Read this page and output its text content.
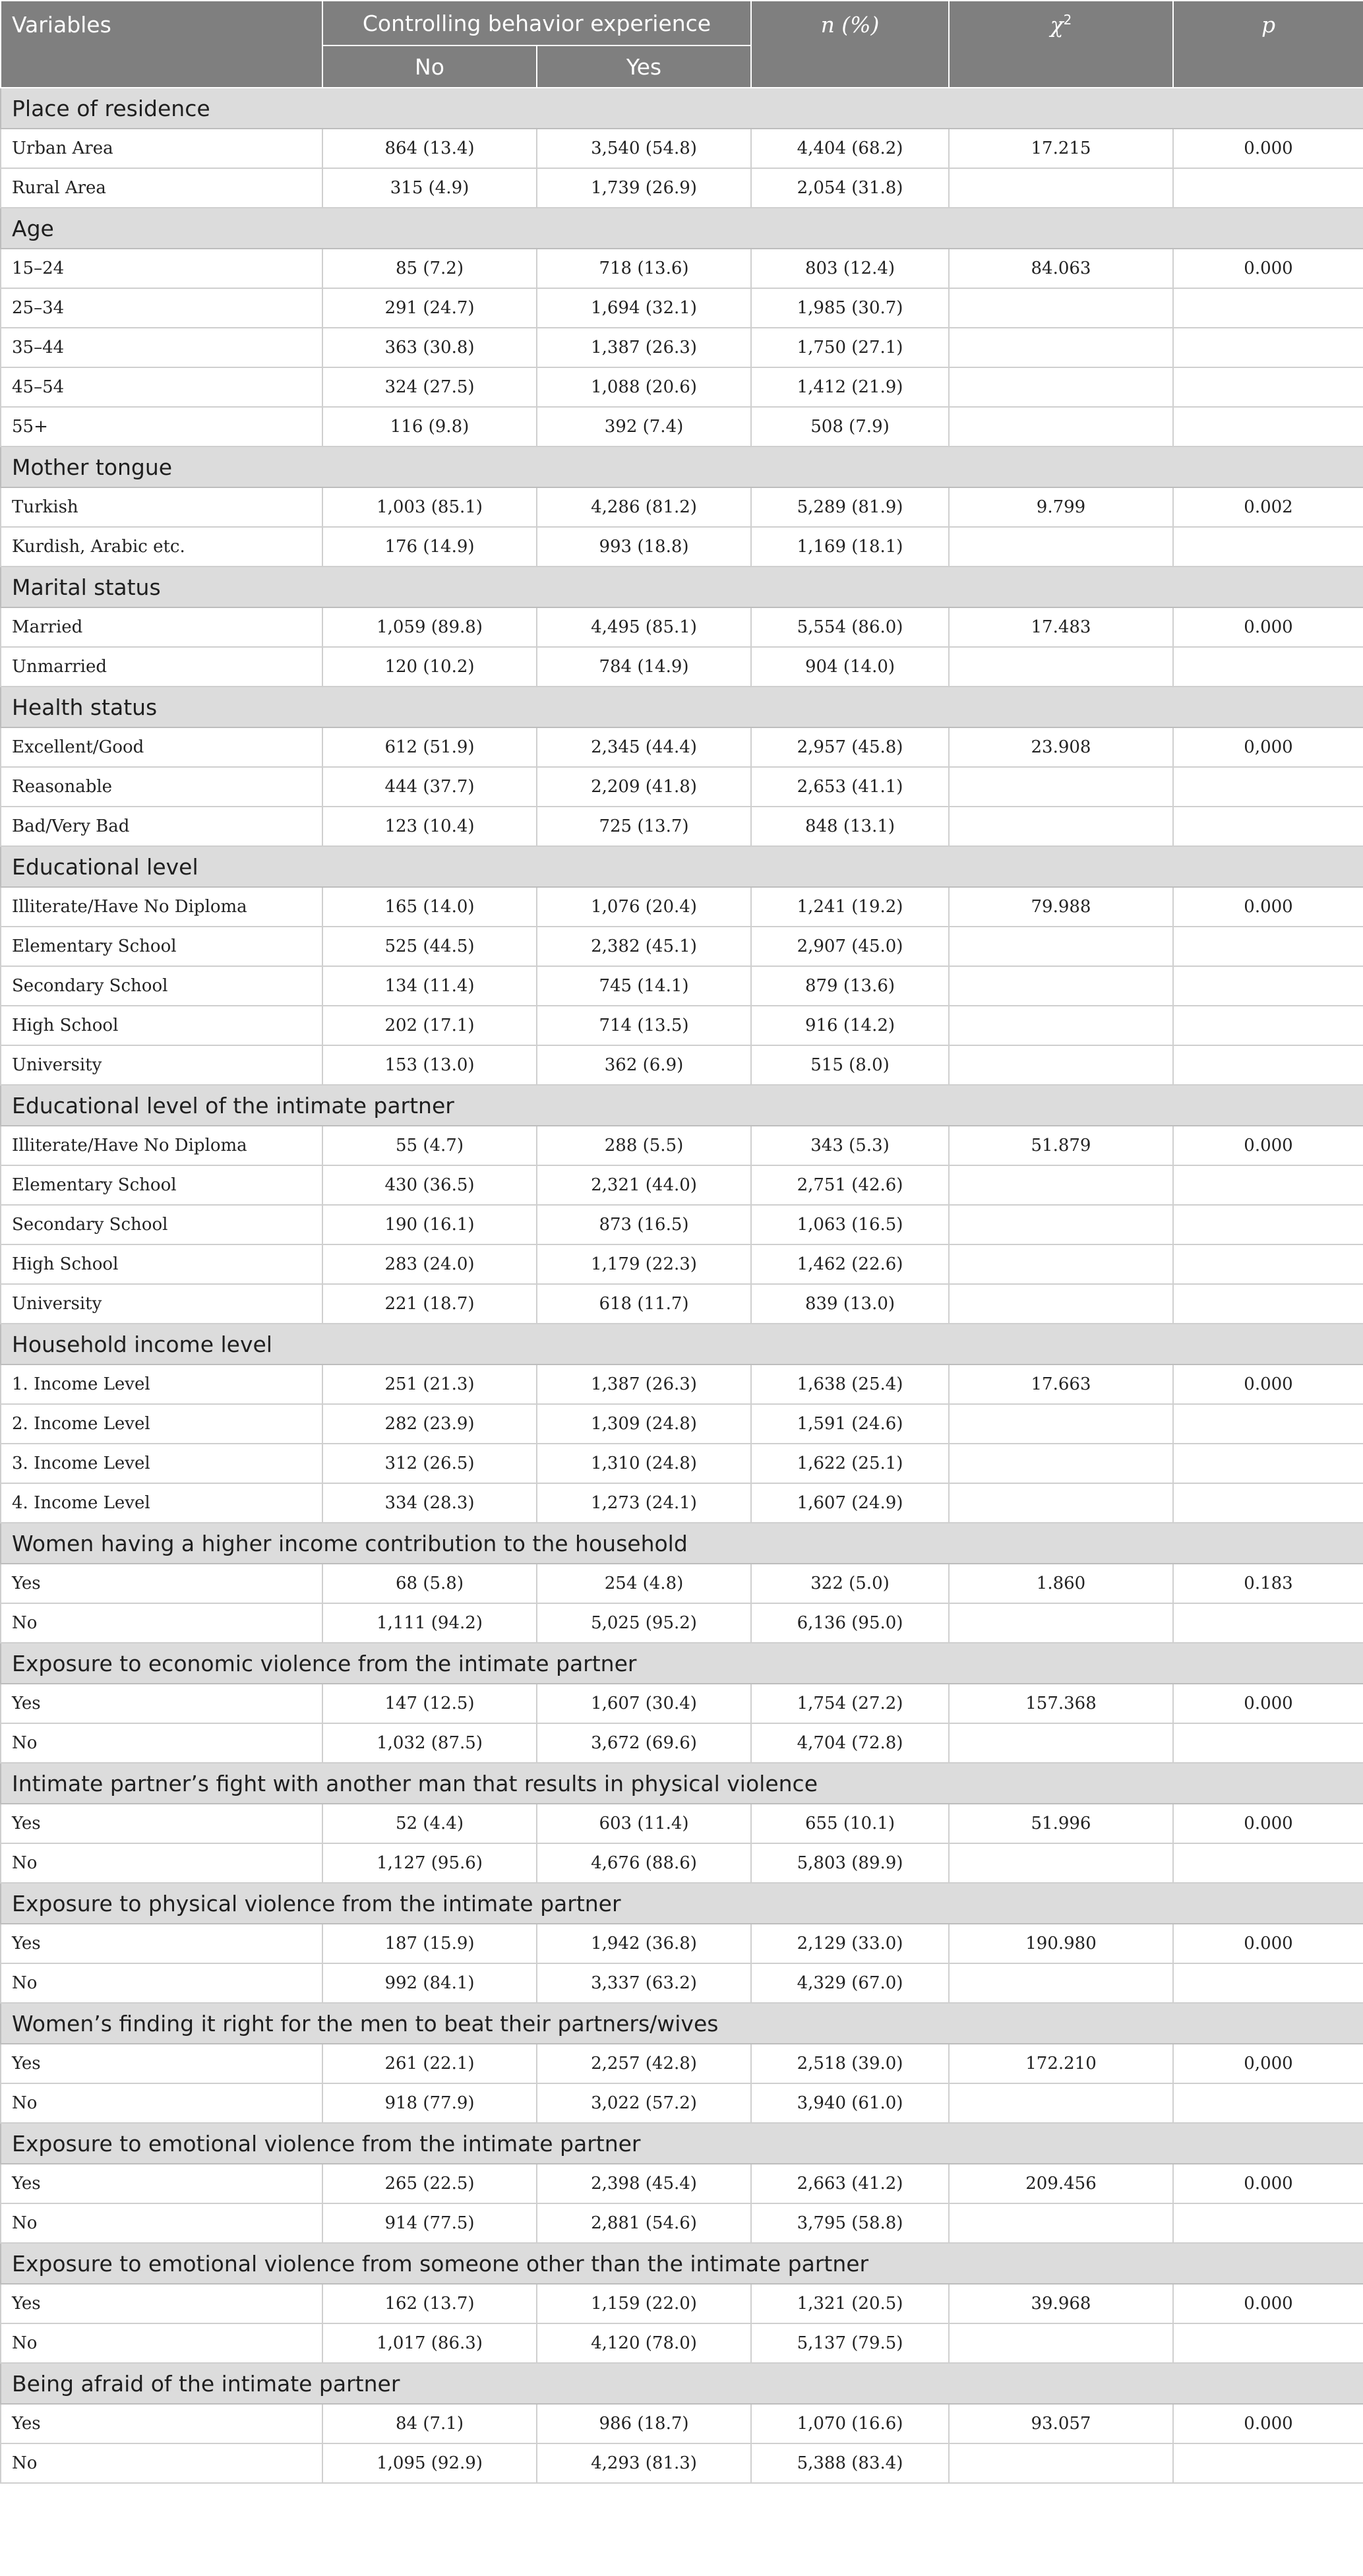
Variables	Controlling behavior experience		n (%)	$\chi^2$	p
	No	Yes			
Place of residence					
Urban Area	864 (13.4)	3,540 (54.8)	4,404 (68.2)	17.215	0.000
Rural Area	315 (4.9)	1,739 (26.9)	2,054 (31.8)		
Age					
15–24	85 (7.2)	718 (13.6)	803 (12.4)	84.063	0.000
25–34	291 (24.7)	1,694 (32.1)	1,985 (30.7)		
35–44	363 (30.8)	1,387 (26.3)	1,750 (27.1)		
45–54	324 (27.5)	1,088 (20.6)	1,412 (21.9)		
55+	116 (9.8)	392 (7.4)	508 (7.9)		
Mother tongue					
Turkish	1,003 (85.1)	4,286 (81.2)	5,289 (81.9)	9.799	0.002
Kurdish, Arabic etc.	176 (14.9)	993 (18.8)	1,169 (18.1)		
Marital status					
Married	1,059 (89.8)	4,495 (85.1)	5,554 (86.0)	17.483	0.000
Unmarried	120 (10.2)	784 (14.9)	904 (14.0)		
Health status					
Excellent/Good	612 (51.9)	2,345 (44.4)	2,957 (45.8)	23.908	0,000
Reasonable	444 (37.7)	2,209 (41.8)	2,653 (41.1)		
Bad/Very Bad	123 (10.4)	725 (13.7)	848 (13.1)		
Educational level					
Illiterate/Have No Diploma	165 (14.0)	1,076 (20.4)	1,241 (19.2)	79.988	0.000
Elementary School	525 (44.5)	2,382 (45.1)	2,907 (45.0)		
Secondary School	134 (11.4)	745 (14.1)	879 (13.6)		
High School	202 (17.1)	714 (13.5)	916 (14.2)		
University	153 (13.0)	362 (6.9)	515 (8.0)		
Educational level of the intimate partner					
Illiterate/Have No Diploma	55 (4.7)	288 (5.5)	343 (5.3)	51.879	0.000
Elementary School	430 (36.5)	2,321 (44.0)	2,751 (42.6)		
Secondary School	190 (16.1)	873 (16.5)	1,063 (16.5)		
High School	283 (24.0)	1,179 (22.3)	1,462 (22.6)		
University	221 (18.7)	618 (11.7)	839 (13.0)		
Household income level					
1. Income Level	251 (21.3)	1,387 (26.3)	1,638 (25.4)	17.663	0.000
2. Income Level	282 (23.9)	1,309 (24.8)	1,591 (24.6)		
3. Income Level	312 (26.5)	1,310 (24.8)	1,622 (25.1)		
4. Income Level	334 (28.3)	1,273 (24.1)	1,607 (24.9)		
Women having a higher income contribution to the household					
Yes	68 (5.8)	254 (4.8)	322 (5.0)	1.860	0.183
No	1,111 (94.2)	5,025 (95.2)	6,136 (95.0)		
Exposure to economic violence from the intimate partner					
Yes	147 (12.5)	1,607 (30.4)	1,754 (27.2)	157.368	0.000
No	1,032 (87.5)	3,672 (69.6)	4,704 (72.8)		
Intimate partner’s fight with another man that results in physical violence					
Yes	52 (4.4)	603 (11.4)	655 (10.1)	51.996	0.000
No	1,127 (95.6)	4,676 (88.6)	5,803 (89.9)		
Exposure to physical violence from the intimate partner					
Yes	187 (15.9)	1,942 (36.8)	2,129 (33.0)	190.980	0.000
No	992 (84.1)	3,337 (63.2)	4,329 (67.0)		
Women’s finding it right for the men to beat their partners/wives					
Yes	261 (22.1)	2,257 (42.8)	2,518 (39.0)	172.210	0,000
No	918 (77.9)	3,022 (57.2)	3,940 (61.0)		
Exposure to emotional violence from the intimate partner					
Yes	265 (22.5)	2,398 (45.4)	2,663 (41.2)	209.456	0.000
No	914 (77.5)	2,881 (54.6)	3,795 (58.8)		
Exposure to emotional violence from someone other than the intimate partner					
Yes	162 (13.7)	1,159 (22.0)	1,321 (20.5)	39.968	0.000
No	1,017 (86.3)	4,120 (78.0)	5,137 (79.5)		
Being afraid of the intimate partner					
Yes	84 (7.1)	986 (18.7)	1,070 (16.6)	93.057	0.000
No	1,095 (92.9)	4,293 (81.3)	5,388 (83.4)		
